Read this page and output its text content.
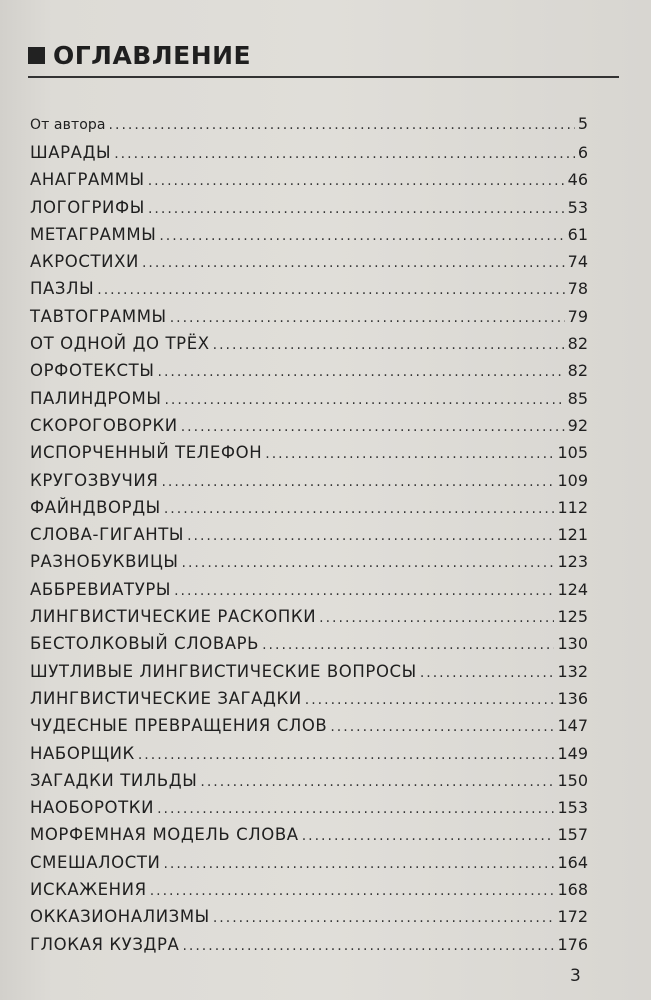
ОГЛАВЛЕНИЕ
От автора .....	5
ШАРАДЫ .....	6
АНАГРАММЫ .....	46
ЛОГОГРИФЫ .....	53
МЕТАГРАММЫ .....	61
АКРОСТИХИ .....	74
ПАЗЛЫ .....	78
ТАВТОГРАММЫ .....	79
ОТ ОДНОЙ ДО ТРЁХ .....	82
ОРФОТЕКСТЫ .....	82
ПАЛИНДРОМЫ .....	85
СКОРОГОВОРКИ .....	92
ИСПОРЧЕННЫЙ ТЕЛЕФОН .....	105
КРУГОЗВУЧИЯ .....	109
ФАЙНДВОРДЫ .....	112
СЛОВА-ГИГАНТЫ .....	121
РАЗНОБУКВИЦЫ .....	123
АББРЕВИАТУРЫ .....	124
ЛИНГВИСТИЧЕСКИЕ РАСКОПКИ .....	125
БЕСТОЛКОВЫЙ СЛОВАРЬ .....	130
ШУТЛИВЫЕ ЛИНГВИСТИЧЕСКИЕ ВОПРОСЫ .....	132
ЛИНГВИСТИЧЕСКИЕ ЗАГАДКИ .....	136
ЧУДЕСНЫЕ ПРЕВРАЩЕНИЯ СЛОВ .....	147
НАБОРЩИК .....	149
ЗАГАДКИ ТИЛЬДЫ .....	150
НАОБОРОТКИ .....	153
МОРФЕМНАЯ МОДЕЛЬ СЛОВА .....	157
СМЕШАЛОСТИ .....	164
ИСКАЖЕНИЯ .....	168
ОККАЗИОНАЛИЗМЫ .....	172
ГЛОКАЯ КУЗДРА .....	176
3
